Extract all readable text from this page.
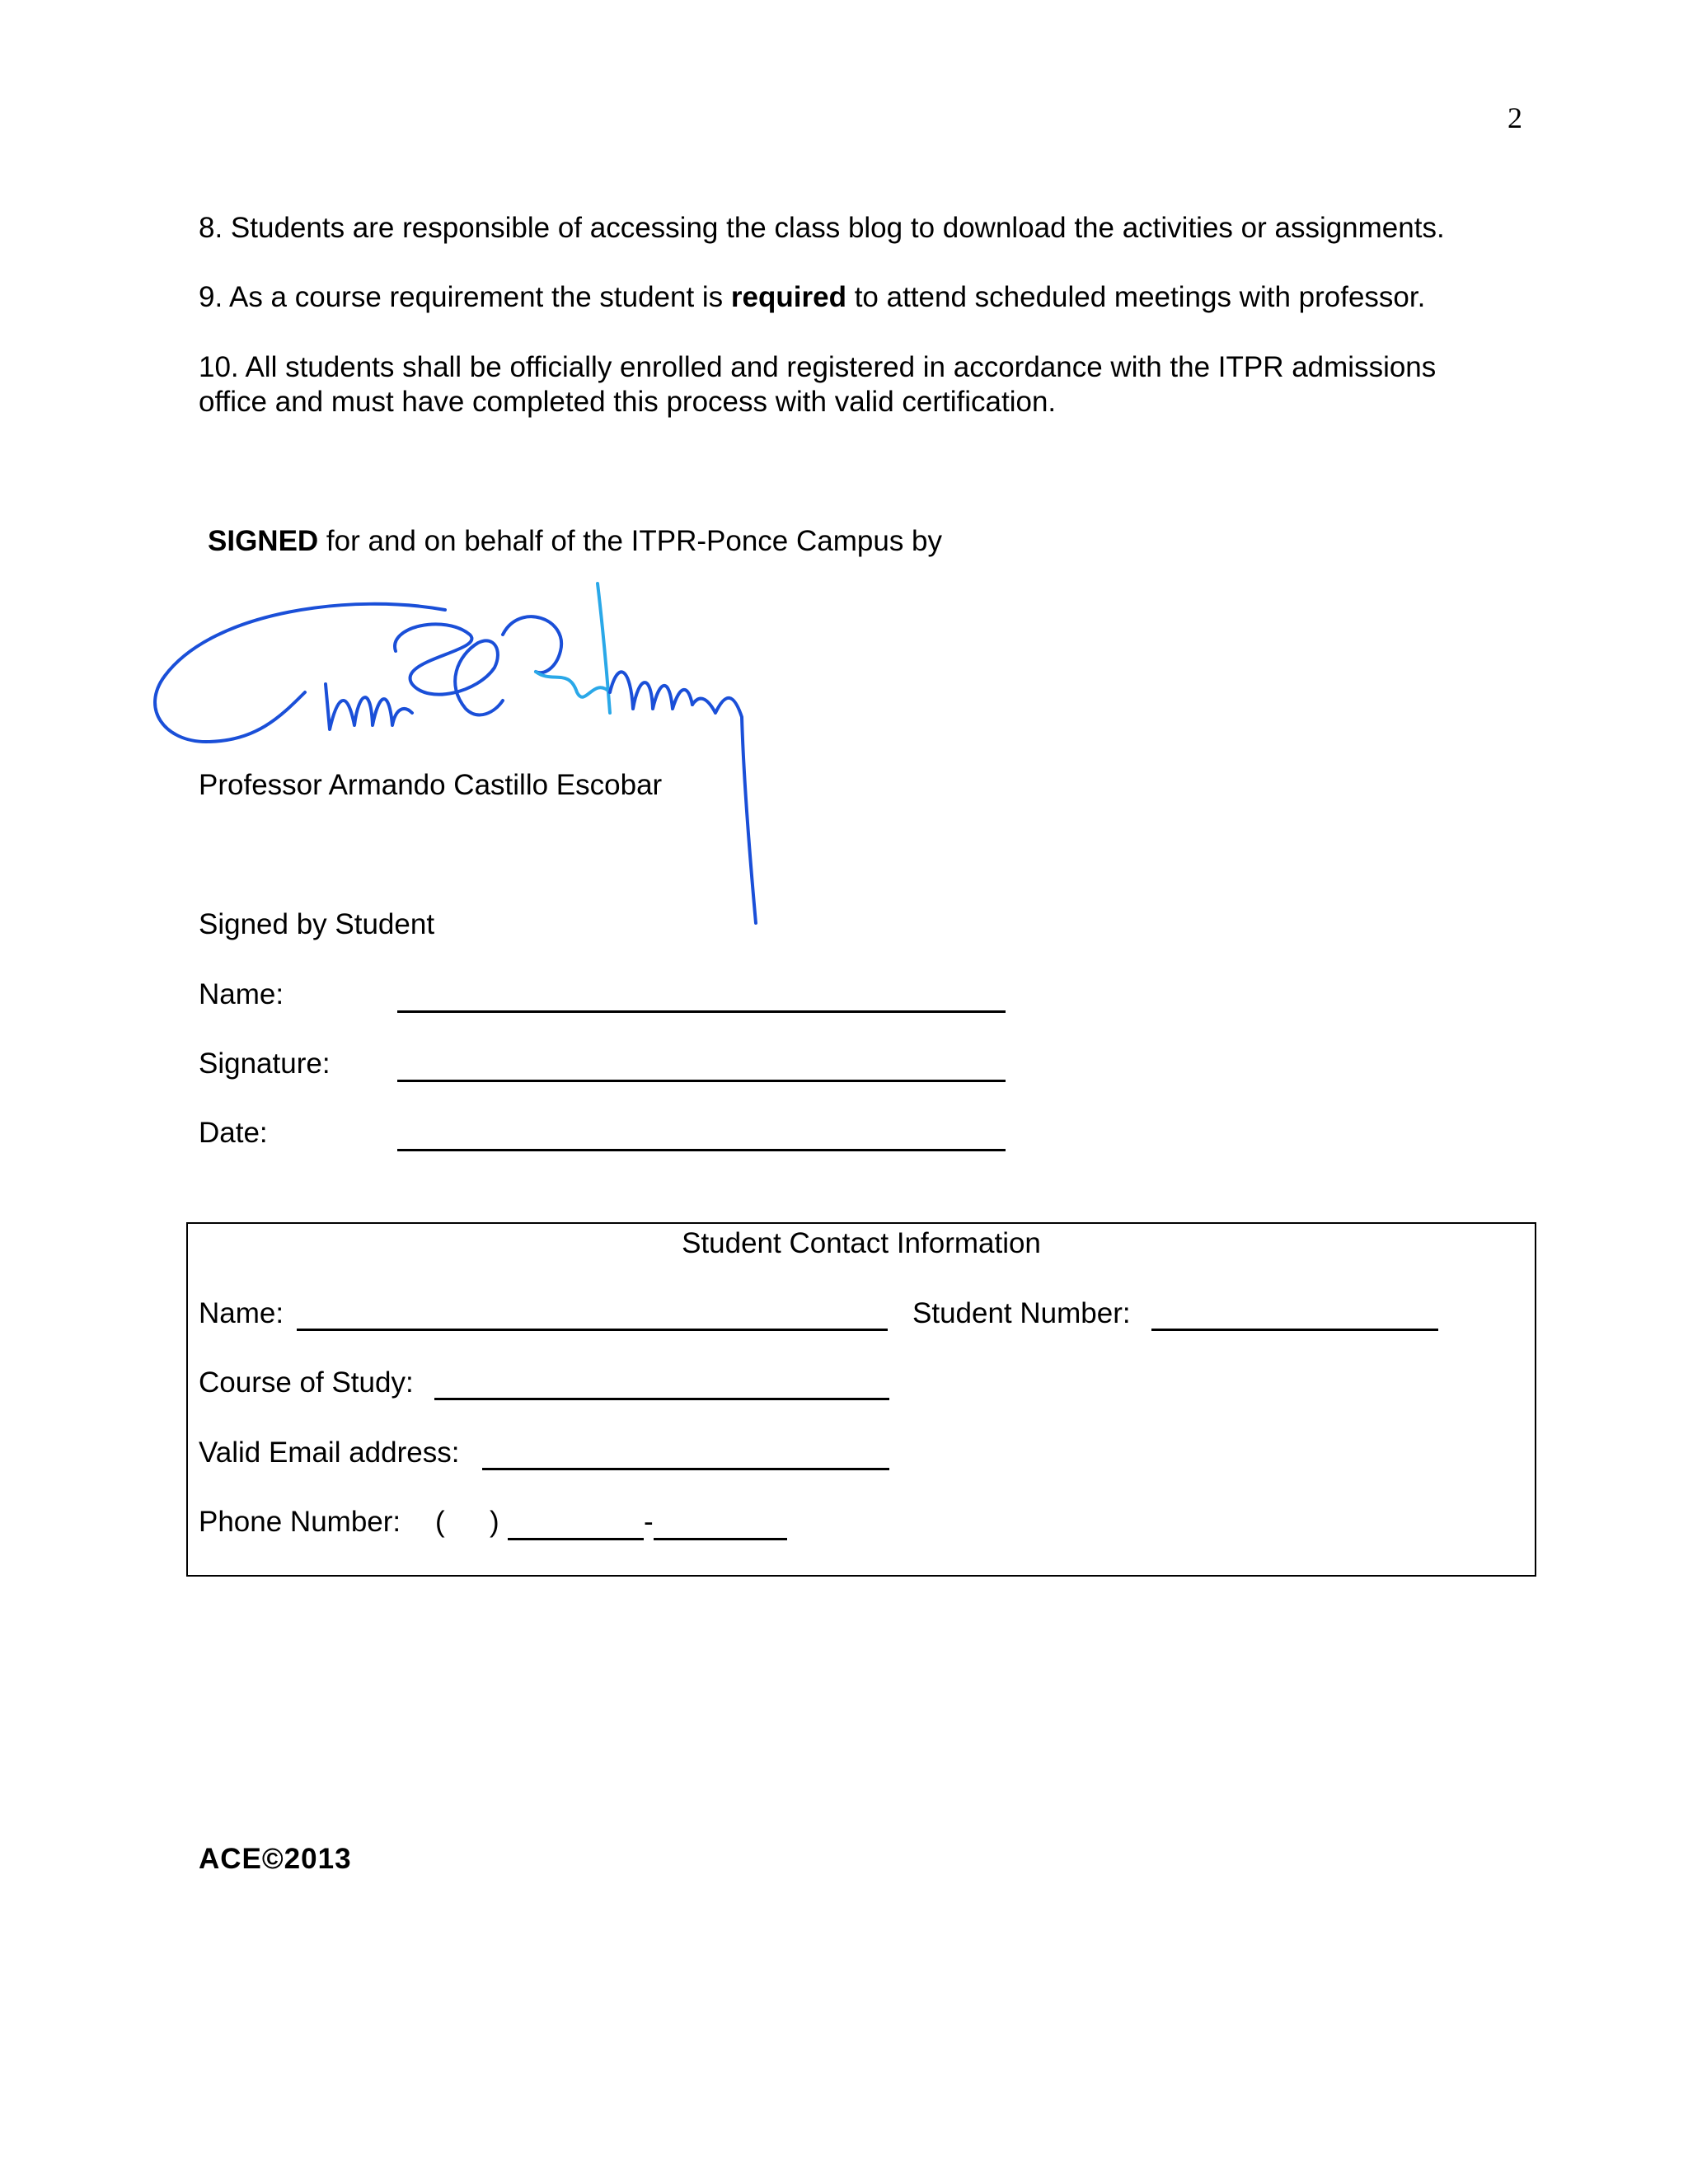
2
8. Students are responsible of accessing the class blog to download the activities or assignments.
9. As a course requirement the student is required to attend scheduled meetings with professor.
10. All students shall be officially enrolled and registered in accordance with the ITPR admissions
office and must have completed this process with valid certification.
SIGNED for and on behalf of the ITPR-Ponce Campus by
Professor Armando Castillo Escobar
Signed by Student
Name:
Signature:
Date:
Student Contact Information
Name:	Student Number:
Course of Study:
Valid Email address:
Phone Number: ( )	-
ACE©2013
